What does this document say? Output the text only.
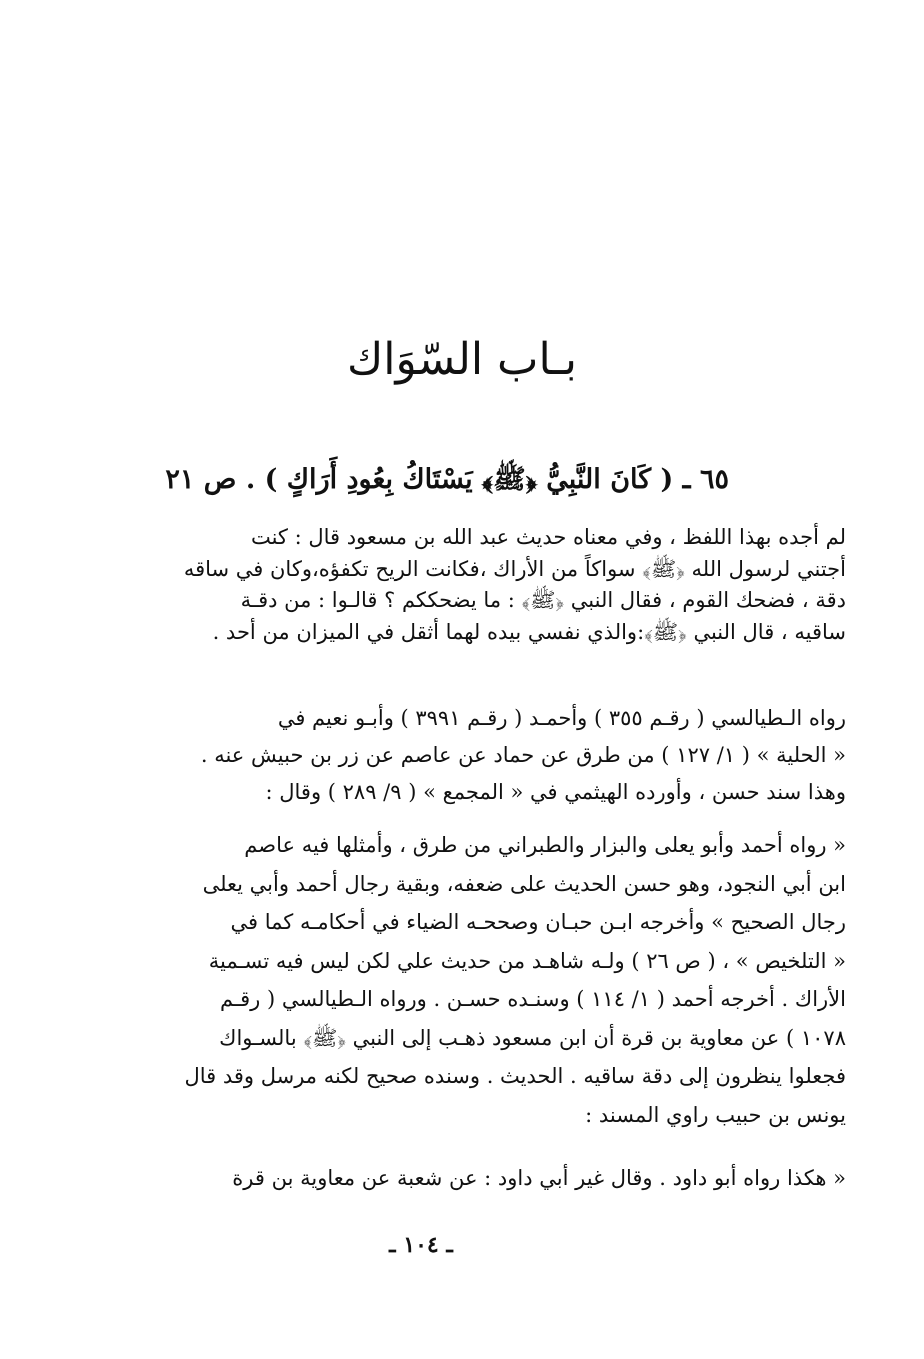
بـاب السّوَاك
٦٥ ـ ( كَانَ النَّبِيُّ ﴿ﷺ﴾ يَسْتَاكُ بِعُودِ أَرَاكٍ ) . ص ٢١
لم أجده بهذا اللفظ ، وفي معناه حديث عبد الله بن مسعود قال : كنت
أجتني لرسول الله ﴿ﷺ﴾ سواكاً من الأراك ،فكانت الريح تكفؤه،وكان في ساقه
دقة ، فضحك القوم ، فقال النبي ﴿ﷺ﴾ : ما يضحككم ؟ قالـوا : من دقـة
ساقيه ، قال النبي ﴿ﷺ﴾:والذي نفسي بيده لهما أثقل في الميزان من أحد .
رواه الـطيالسي ( رقـم ٣٥٥ ) وأحمـد ( رقـم ٣٩٩١ ) وأبـو نعيم في
« الحلية » ( ١/ ١٢٧ ) من طرق عن حماد عن عاصم عن زر بن حبيش عنه .
وهذا سند حسن ، وأورده الهيثمي في « المجمع » ( ٩/ ٢٨٩ ) وقال :
« رواه أحمد وأبو يعلى والبزار والطبراني من طرق ، وأمثلها فيه عاصم
ابن أبي النجود، وهو حسن الحديث على ضعفه، وبقية رجال أحمد وأبي يعلى
رجال الصحيح » وأخرجه ابـن حبـان وصححـه الضياء في أحكامـه كما في
« التلخيص » ، ( ص ٢٦ ) ولـه شاهـد من حديث علي لكن ليس فيه تسـمية
الأراك . أخرجه أحمد ( ١/ ١١٤ ) وسنـده حسـن . ورواه الـطيالسي ( رقـم
١٠٧٨ ) عن معاوية بن قرة أن ابن مسعود ذهـب إلى النبي ﴿ﷺ﴾ بالسـواك
فجعلوا ينظرون إلى دقة ساقيه . الحديث . وسنده صحيح لكنه مرسل وقد قال
يونس بن حبيب راوي المسند :
« هكذا رواه أبو داود . وقال غير أبي داود : عن شعبة عن معاوية بن قرة
ـ ١٠٤ ـ
